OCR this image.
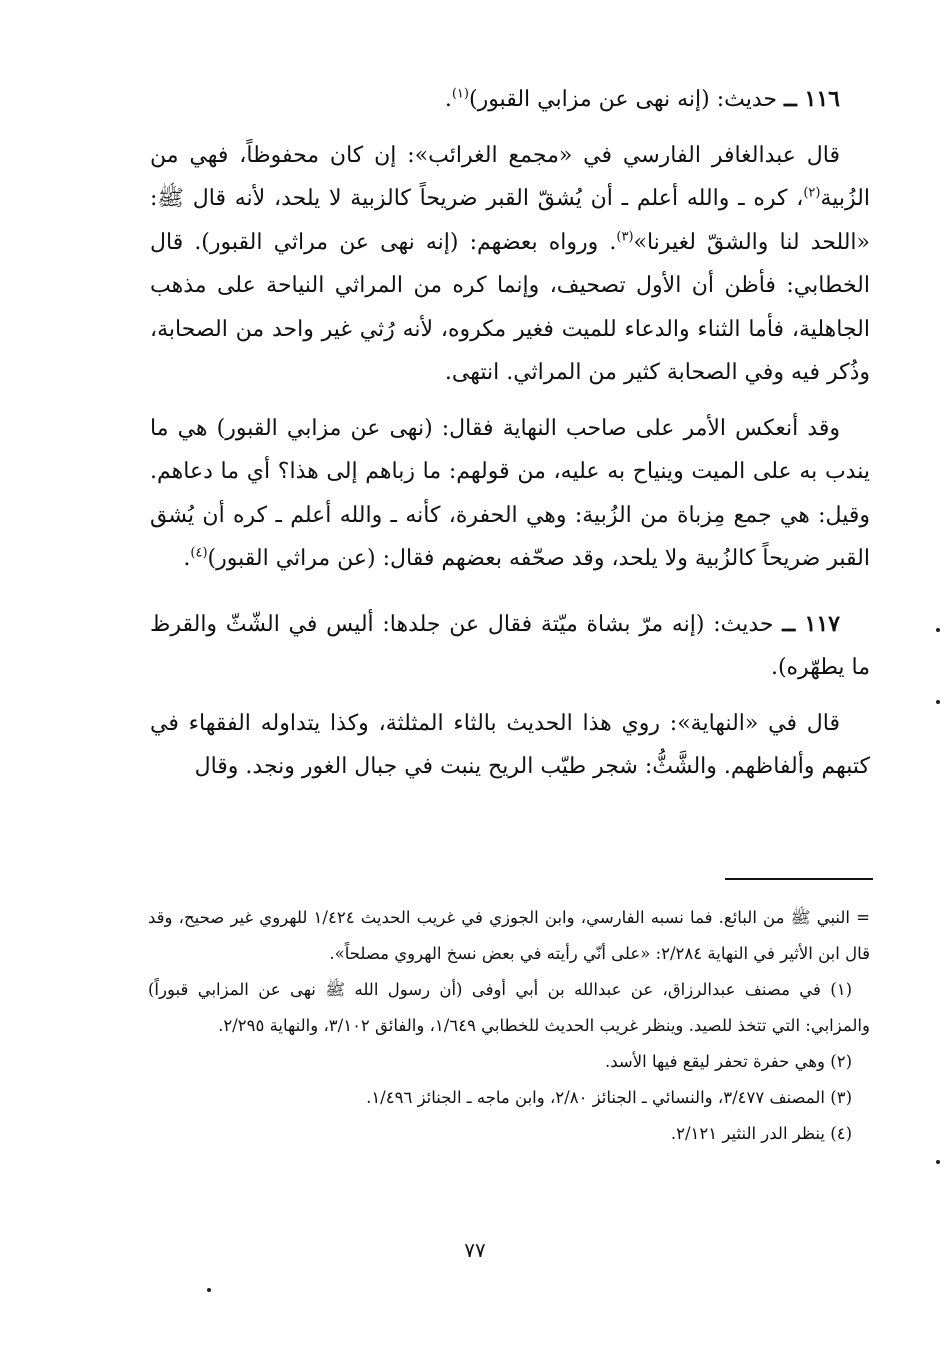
١١٦ ــ حديث: (إنه نهى عن مزابي القبور)$^{(١)}$.

قال عبدالغافر الفارسي في «مجمع الغرائب»: إن كان محفوظاً، فهي من الزُبية$^{(٢)}$، كره ـ والله أعلم ـ أن يُشقّ القبر ضريحاً كالزبية لا يلحد، لأنه قال ﷺ: «اللحد لنا والشقّ لغيرنا»$^{(٣)}$. ورواه بعضهم: (إنه نهى عن مراثي القبور). قال الخطابي: فأظن أن الأول تصحيف، وإنما كره من المراثي النياحة على مذهب الجاهلية، فأما الثناء والدعاء للميت فغير مكروه، لأنه رُثي غير واحد من الصحابة، وذُكر فيه وفي الصحابة كثير من المراثي. انتهى.

وقد أنعكس الأمر على صاحب النهاية فقال: (نهى عن مزابي القبور) هي ما يندب به على الميت وينياح به عليه، من قولهم: ما زباهم إلى هذا؟ أي ما دعاهم. وقيل: هي جمع مِزباة من الزُبية: وهي الحفرة، كأنه ـ والله أعلم ـ كره أن يُشق القبر ضريحاً كالزُبية ولا يلحد، وقد صحّفه بعضهم فقال: (عن مراثي القبور)$^{(٤)}$.

١١٧ ــ حديث: (إنه مرّ بشاة ميّتة فقال عن جلدها: أليس في الشّثّ والقرظ ما يطهّره).

قال في «النهاية»: روي هذا الحديث بالثاء المثلثة، وكذا يتداوله الفقهاء في كتبهم وألفاظهم. والشَّثُّ: شجر طيّب الريح ينبت في جبال الغور ونجد. وقال

= النبي ﷺ من البائع. فما نسبه الفارسي، وابن الجوزي في غريب الحديث ١/٤٢٤ للهروي غير صحيح، وقد قال ابن الأثير في النهاية ٢/٢٨٤: «على أنّي رأيته في بعض نسخ الهروي مصلحاً».

(١) في مصنف عبدالرزاق، عن عبدالله بن أبي أوفى (أن رسول الله ﷺ نهى عن المزابي قبوراً) والمزابي: التي تتخذ للصيد. وينظر غريب الحديث للخطابي ١/٦٤٩، والفائق ٣/١٠٢، والنهاية ٢/٢٩٥.

(٢) وهي حفرة تحفر ليقع فيها الأسد.

(٣) المصنف ٣/٤٧٧، والنسائي ـ الجنائز ٢/٨٠، وابن ماجه ـ الجنائز ١/٤٩٦.

(٤) ينظر الدر النثير ٢/١٢١.

٧٧
